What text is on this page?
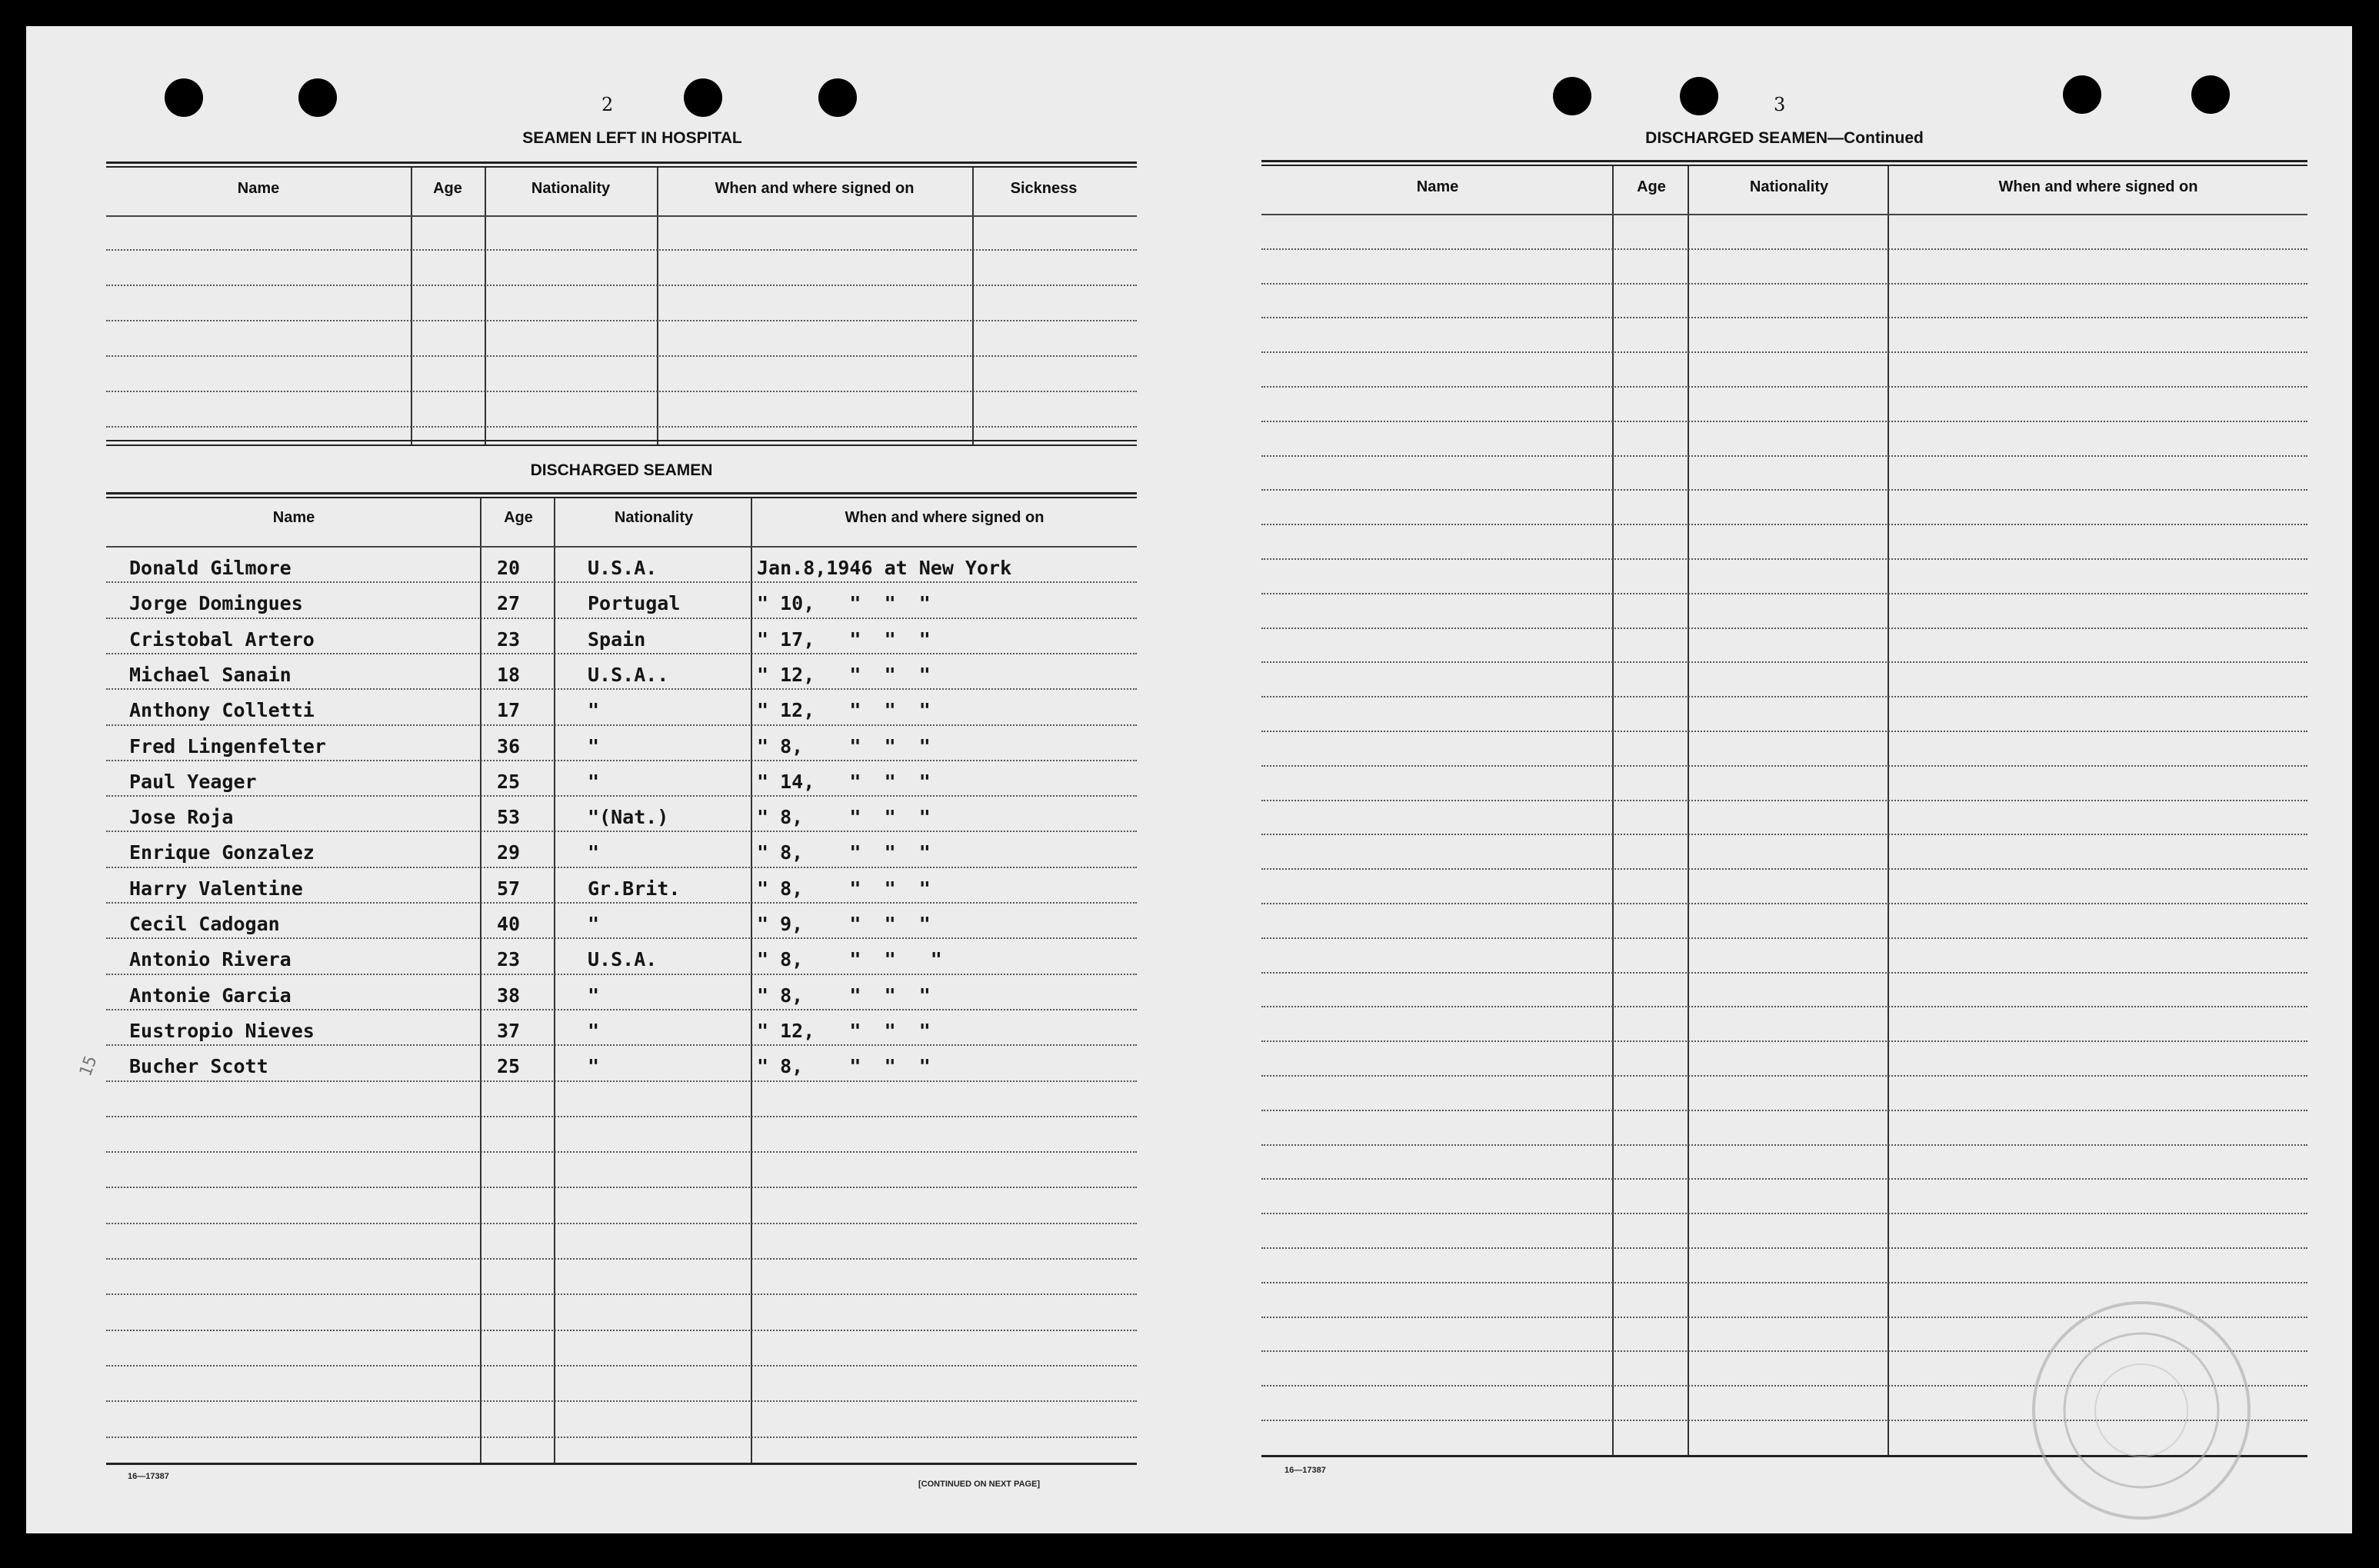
2
SEAMEN LEFT IN HOSPITAL
Name	Age	Nationality	When and where signed on	Sickness
DISCHARGED SEAMEN
Name	Age	Nationality	When and where signed on
Donald Gilmore	20	U.S.A.	Jan.8,1946 at New York
Jorge Domingues	27	Portugal	" 10,   "  "  "
Cristobal Artero	23	Spain	" 17,   "  "  "
Michael Sanain	18	U.S.A..	" 12,   "  "  "
Anthony Colletti	17	"	" 12,   "  "  "
Fred Lingenfelter	36	"	" 8,    "  "  "
Paul Yeager	25	"	" 14,   "  "  "
Jose Roja	53	"(Nat.)	" 8,    "  "  "
Enrique Gonzalez	29	"	" 8,    "  "  "
Harry Valentine	57	Gr.Brit.	" 8,    "  "  "
Cecil Cadogan	40	"	" 9,    "  "  "
Antonio Rivera	23	U.S.A.	" 8,    "  "   "
Antonie Garcia	38	"	" 8,    "  "  "
Eustropio Nieves	37	"	" 12,   "  "  "
Bucher Scott	25	"	" 8,    "  "  "
15
16—17387
[CONTINUED ON NEXT PAGE]
3
DISCHARGED SEAMEN—Continued
Name	Age	Nationality	When and where signed on
16—17387
